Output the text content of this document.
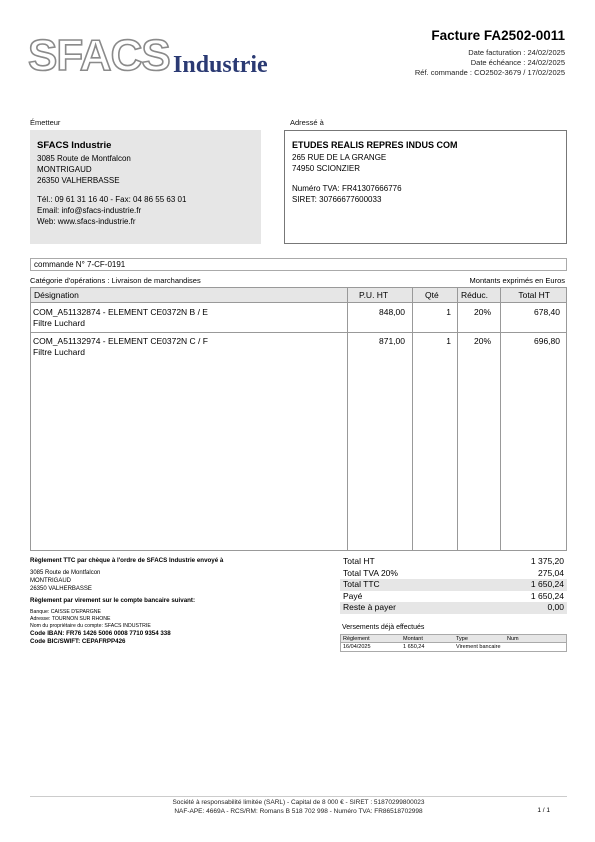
SFACS Industrie
Facture FA2502-0011
Date facturation : 24/02/2025
Date échéance : 24/02/2025
Réf. commande : CO2502-3679 / 17/02/2025
Émetteur	Adressé à
SFACS Industrie
3085 Route de Montfalcon
MONTRIGAUD
26350 VALHERBASSE
Tél.: 09 61 31 16 40 - Fax: 04 86 55 63 01
Email: info@sfacs-industrie.fr
Web: www.sfacs-industrie.fr
ETUDES REALIS REPRES INDUS COM
265 RUE DE LA GRANGE
74950 SCIONZIER
Numéro TVA: FR41307666776
SIRET: 30766677600033
commande N° 7-CF-0191
Catégorie d'opérations : Livraison de marchandises	Montants exprimés en Euros
Désignation	P.U. HT	Qté	Réduc.	Total HT
COM_A51132874 - ELEMENT CE0372N B / E
Filtre Luchard
848,00	1	20%	678,40
COM_A51132974 - ELEMENT CE0372N C / F
Filtre Luchard
871,00	1	20%	696,80
Règlement TTC par chèque à l'ordre de SFACS Industrie envoyé à
3085 Route de Montfalcon
MONTRIGAUD
26350 VALHERBASSE
Règlement par virement sur le compte bancaire suivant:
Banque: CAISSE D'EPARGNE
Adresse: TOURNON SUR RHONE
Nom du propriétaire du compte: SFACS INDUSTRIE
Code IBAN: FR76 1426 5006 0008 7710 9354 338
Code BIC/SWIFT: CEPAFRPP426
Total HT	1 375,20
Total TVA 20%	275,04
Total TTC	1 650,24
Payé	1 650,24
Reste à payer	0,00
Versements déjà effectués
Règlement	Montant	Type	Num
16/04/2025	1 650,24	Virement bancaire
Société à responsabilité limitée (SARL) - Capital de 8 000 € - SIRET : 51870299800023
NAF-APE: 4669A - RCS/RM: Romans B 518 702 998 - Numéro TVA: FR86518702998	1 / 1
